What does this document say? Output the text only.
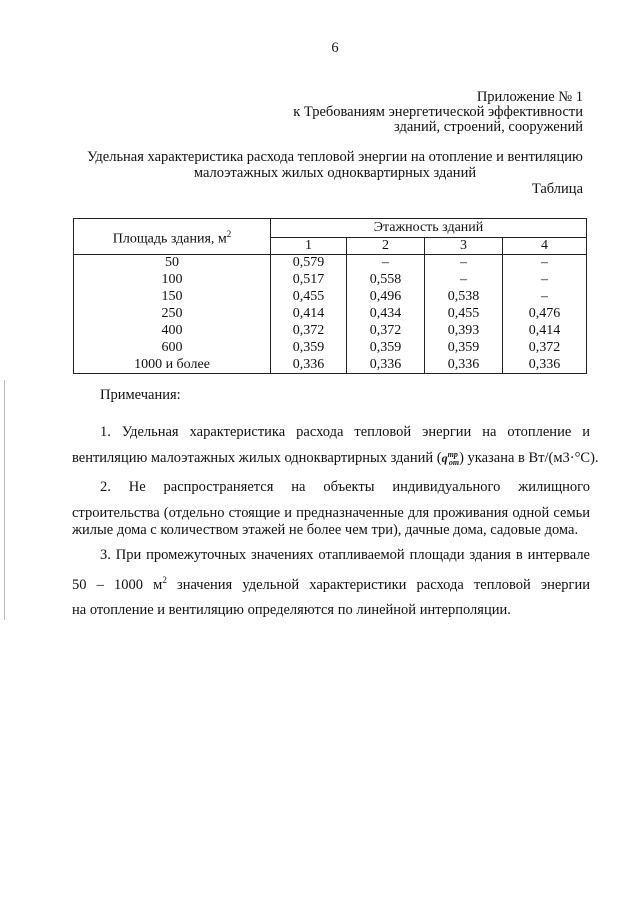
6
Приложение № 1
к Требованиям энергетической эффективности
зданий, строений, сооружений
Удельная характеристика расхода тепловой энергии на отопление и вентиляцию
малоэтажных жилых одноквартирных зданий
Таблица
Площадь здания, $м^2$	Этажность зданий			
	1	2	3	4
50	0,579	–	–	–
100	0,517	0,558	–	–
150	0,455	0,496	0,538	–
250	0,414	0,434	0,455	0,476
400	0,372	0,372	0,393	0,414
600	0,359	0,359	0,359	0,372
1000 и более	0,336	0,336	0,336	0,336
Примечания:
1. Удельная характеристика расхода тепловой энергии на отопление и
вентиляцию малоэтажных жилых одноквартирных зданий $(q^{тр}_{от})$ указана в Вт/(м3·°С).
2. Не распространяется на объекты индивидуального жилищного
строительства (отдельно стоящие и предназначенные для проживания одной семьи
жилые дома с количеством этажей не более чем три), дачные дома, садовые дома.
3. При промежуточных значениях отапливаемой площади здания в интервале
50 – 1000 $м^2$ значения удельной характеристики расхода тепловой энергии
на отопление и вентиляцию определяются по линейной интерполяции.
